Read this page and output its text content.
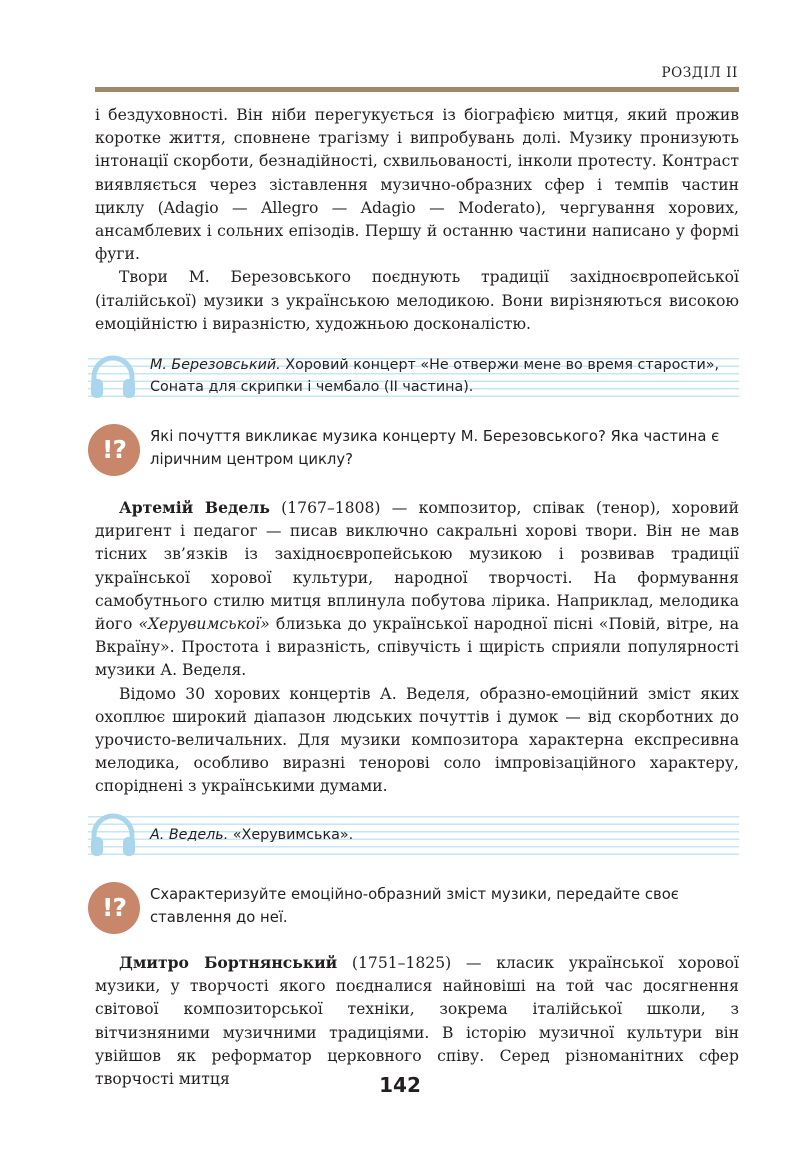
РОЗДІЛ II

і бездуховності. Він ніби перегукується із біографією митця, який прожив коротке життя, сповнене трагізму і випробувань долі. Музику пронизують інтонації скорботи, безнадійності, схвильованості, інколи протесту. Контраст виявляється через зіставлення музично-образних сфер і темпів частин циклу (Adagio — Allegro — Adagio — Moderato), чергування хорових, ансамблевих і сольних епізодів. Першу й останню частини написано у формі фуги.

Твори М. Березовського поєднують традиції західноєвропейської (італійської) музики з українською мелодикою. Вони вирізняються високою емоційністю і виразністю, художньою досконалістю.

М. Березовський. Хоровий концерт «Не отвержи мене во время старости», Соната для скрипки і чембало (II частина).
!?	Які почуття викликає музика концерту М. Березовського? Яка частина є ліричним центром циклу?

Артемій Ведель (1767–1808) — композитор, співак (тенор), хоровий диригент і педагог — писав виключно сакральні хорові твори. Він не мав тісних зв’язків із західноєвропейською музикою і розвивав традиції української хорової культури, народної творчості. На формування самобутнього стилю митця вплинула побутова лірика. Наприклад, мелодика його «Херувимської» близька до української народної пісні «Повій, вітре, на Вкраїну». Простота і виразність, співучість і щирість сприяли популярності музики А. Веделя.

Відомо 30 хорових концертів А. Веделя, образно-емоційний зміст яких охоплює широкий діапазон людських почуттів і думок — від скорботних до урочисто-величальних. Для музики композитора характерна експресивна мелодика, особливо виразні тенорові соло імпровізаційного характеру, споріднені з українськими думами.

А. Ведель. «Херувимська».
!?	Схарактеризуйте емоційно-образний зміст музики, передайте своє ставлення до неї.

Дмитро Бортнянський (1751–1825) — класик української хорової музики, у творчості якого поєдналися найновіші на той час досягнення світової композиторської техніки, зокрема італійської школи, з вітчизняними музичними традиціями. В історію музичної культури він увійшов як реформатор церковного співу. Серед різноманітних сфер творчості митця	142
